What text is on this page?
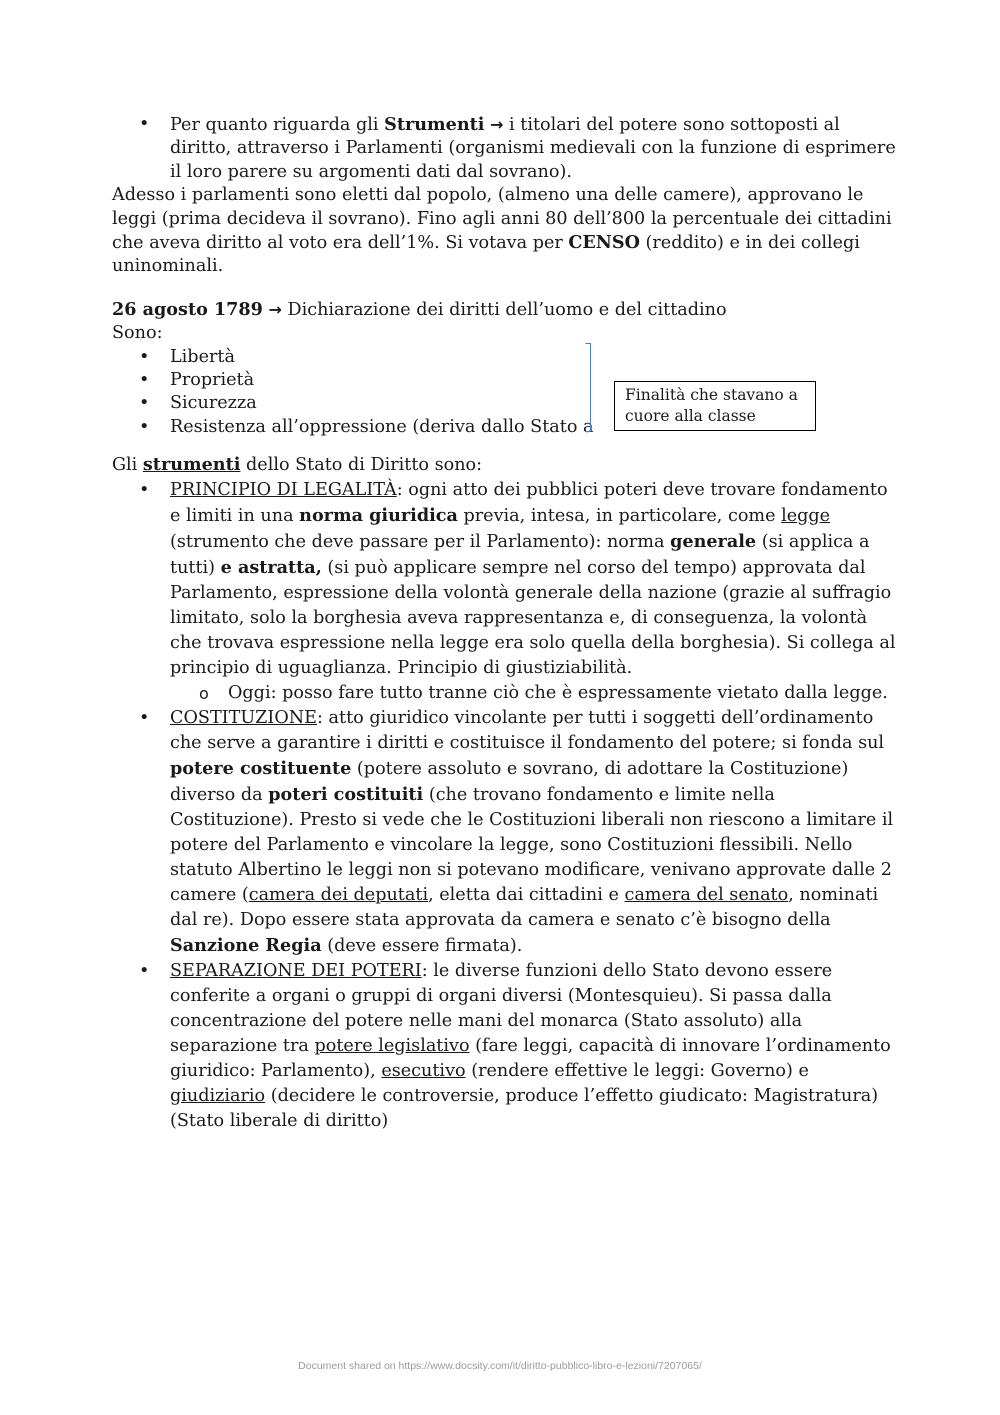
• Per quanto riguarda gli Strumenti → i titolari del potere sono sottoposti al diritto, attraverso i Parlamenti (organismi medievali con la funzione di esprimere il loro parere su argomenti dati dal sovrano).

Adesso i parlamenti sono eletti dal popolo, (almeno una delle camere), approvano le leggi (prima decideva il sovrano). Fino agli anni 80 dell’800 la percentuale dei cittadini che aveva diritto al voto era dell’1%. Si votava per CENSO (reddito) e in dei collegi uninominali.

26 agosto 1789 → Dichiarazione dei diritti dell’uomo e del cittadino

Sono:

• Libertà
• Proprietà
• Sicurezza
• Resistenza all’oppressione (deriva dallo Stato a

Gli strumenti dello Stato di Diritto sono:

• PRINCIPIO DI LEGALITÀ: ogni atto dei pubblici poteri deve trovare fondamento e limiti in una norma giuridica previa, intesa, in particolare, come legge (strumento che deve passare per il Parlamento): norma generale (si applica a tutti) e astratta, (si può applicare sempre nel corso del tempo) approvata dal Parlamento, espressione della volontà generale della nazione (grazie al suffragio limitato, solo la borghesia aveva rappresentanza e, di conseguenza, la volontà che trovava espressione nella legge era solo quella della borghesia). Si collega al principio di uguaglianza. Principio di giustiziabilità.
o Oggi: posso fare tutto tranne ciò che è espressamente vietato dalla legge.
• COSTITUZIONE: atto giuridico vincolante per tutti i soggetti dell’ordinamento che serve a garantire i diritti e costituisce il fondamento del potere; si fonda sul potere costituente (potere assoluto e sovrano, di adottare la Costituzione) diverso da poteri costituiti (che trovano fondamento e limite nella Costituzione). Presto si vede che le Costituzioni liberali non riescono a limitare il potere del Parlamento e vincolare la legge, sono Costituzioni flessibili. Nello statuto Albertino le leggi non si potevano modificare, venivano approvate dalle 2 camere (camera dei deputati, eletta dai cittadini e camera del senato, nominati dal re). Dopo essere stata approvata da camera e senato c’è bisogno della Sanzione Regia (deve essere firmata).
• SEPARAZIONE DEI POTERI: le diverse funzioni dello Stato devono essere conferite a organi o gruppi di organi diversi (Montesquieu). Si passa dalla concentrazione del potere nelle mani del monarca (Stato assoluto) alla separazione tra potere legislativo (fare leggi, capacità di innovare l’ordinamento giuridico: Parlamento), esecutivo (rendere effettive le leggi: Governo) e giudiziario (decidere le controversie, produce l’effetto giudicato: Magistratura) (Stato liberale di diritto)
Finalità che stavano a cuore alla classe
Document shared on https://www.docsity.com/it/diritto-pubblico-libro-e-lezioni/7207065/
